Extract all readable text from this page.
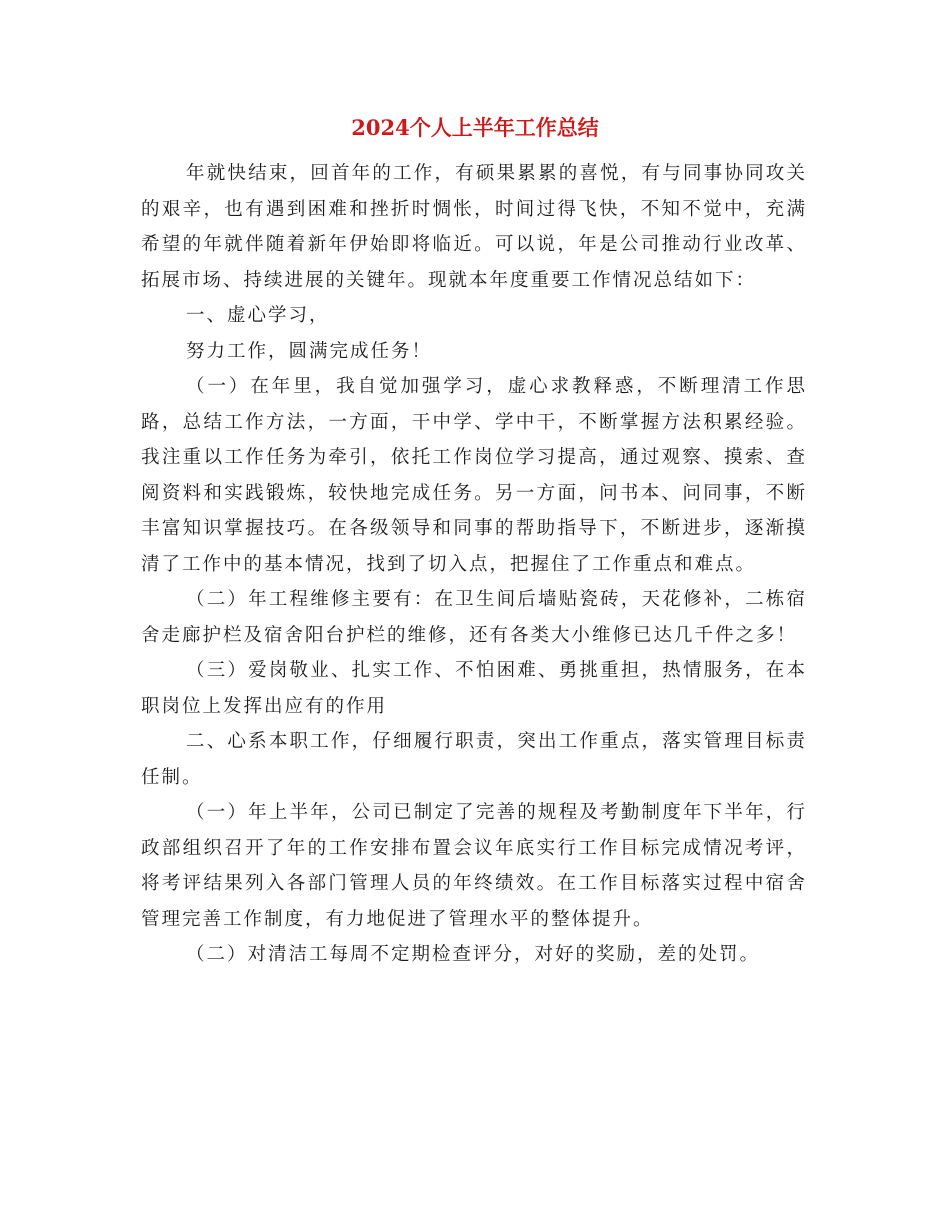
2024个人上半年工作总结

年就快结束，回首年的工作，有硕果累累的喜悦，有与同事协同攻关的艰辛，也有遇到困难和挫折时惆怅，时间过得飞快，不知不觉中，充满希望的年就伴随着新年伊始即将临近。可以说，年是公司推动行业改革、拓展市场、持续进展的关键年。现就本年度重要工作情况总结如下：

一、虚心学习，

努力工作，圆满完成任务！

（一）在年里，我自觉加强学习，虚心求教释惑，不断理清工作思路，总结工作方法，一方面，干中学、学中干，不断掌握方法积累经验。我注重以工作任务为牵引，依托工作岗位学习提高，通过观察、摸索、查阅资料和实践锻炼，较快地完成任务。另一方面，问书本、问同事，不断丰富知识掌握技巧。在各级领导和同事的帮助指导下，不断进步，逐渐摸清了工作中的基本情况，找到了切入点，把握住了工作重点和难点。

（二）年工程维修主要有：在卫生间后墙贴瓷砖，天花修补，二栋宿舍走廊护栏及宿舍阳台护栏的维修，还有各类大小维修已达几千件之多！

（三）爱岗敬业、扎实工作、不怕困难、勇挑重担，热情服务，在本职岗位上发挥出应有的作用

二、心系本职工作，仔细履行职责，突出工作重点，落实管理目标责任制。

（一）年上半年，公司已制定了完善的规程及考勤制度年下半年，行政部组织召开了年的工作安排布置会议年底实行工作目标完成情况考评，将考评结果列入各部门管理人员的年终绩效。在工作目标落实过程中宿舍管理完善工作制度，有力地促进了管理水平的整体提升。

（二）对清洁工每周不定期检查评分，对好的奖励，差的处罚。
